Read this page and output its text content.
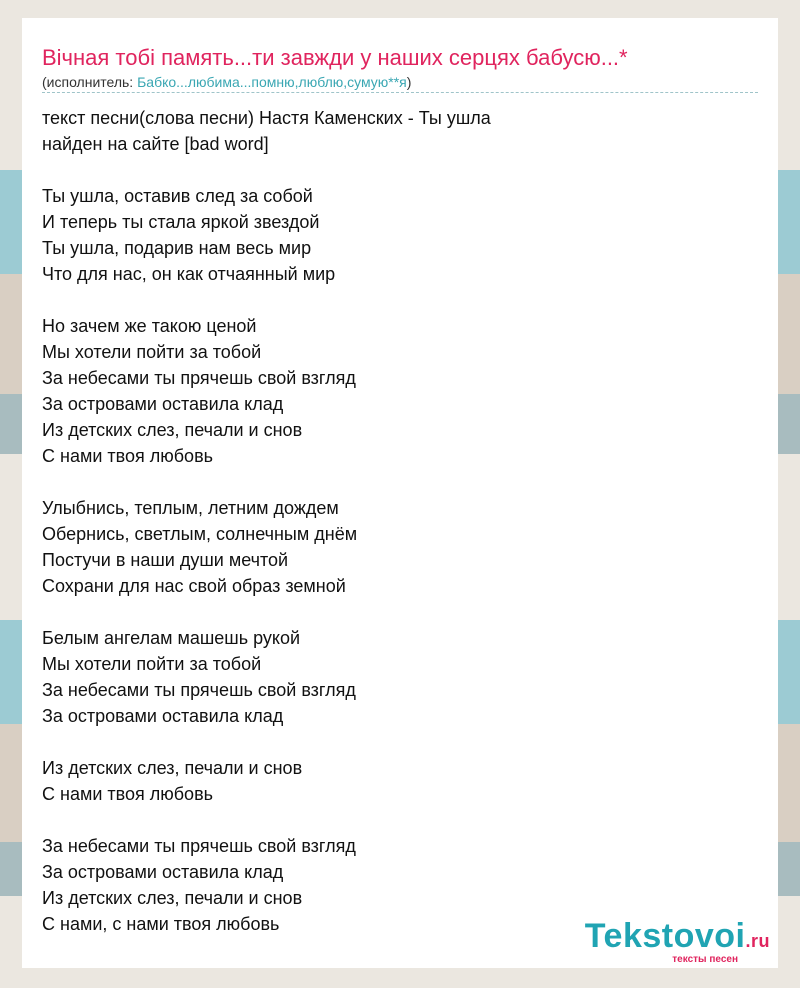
Вічная тобі память...ти завжди у наших серцях бабусю...*
(исполнитель: Бабко...любима...помню,люблю,сумую**я)
текст песни(слова песни) Настя Каменских - Ты ушла
найден на сайте [bad word]
Ты ушла, оставив след за собой
И теперь ты стала яркой звездой
Ты ушла, подарив нам весь мир
Что для нас, он как отчаянный мир
Но зачем же такою ценой
Мы хотели пойти за тобой
За небесами ты прячешь свой взгляд
За островами оставила клад
Из детских слез, печали и снов
С нами твоя любовь
Улыбнись, теплым, летним дождем
Обернись, светлым, солнечным днём
Постучи в наши души мечтой
Сохрани для нас свой образ земной
Белым ангелам машешь рукой
Мы хотели пойти за тобой
За небесами ты прячешь свой взгляд
За островами оставила клад
Из детских слез, печали и снов
С нами твоя любовь
За небесами ты прячешь свой взгляд
За островами оставила клад
Из детских слез, печали и снов
С нами, с нами твоя любовь	Tekstovoi.ru
тексты песен
